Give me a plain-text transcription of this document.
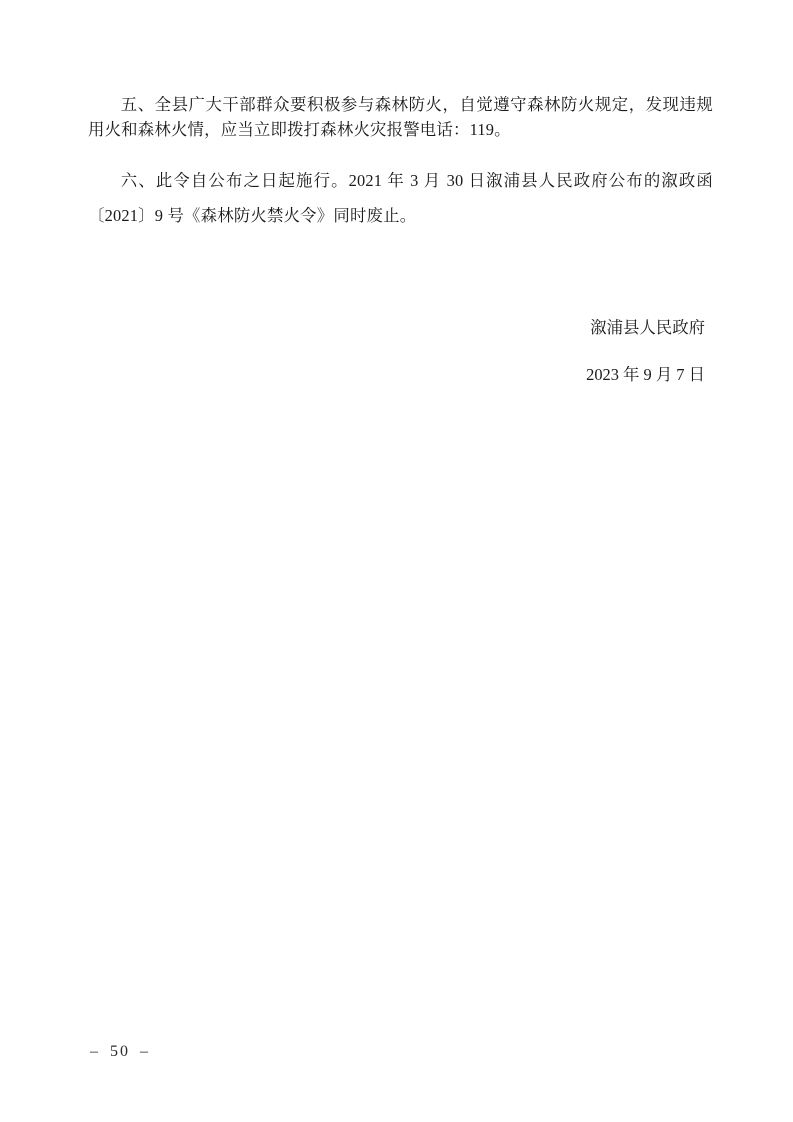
五、全县广大干部群众要积极参与森林防火，自觉遵守森林防火规定，发现违规用火和森林火情，应当立即拨打森林火灾报警电话：119。

六、此令自公布之日起施行。2021 年 3 月 30 日溆浦县人民政府公布的溆政函〔2021〕9 号《森林防火禁火令》同时废止。

溆浦县人民政府
2023 年 9 月 7 日
– 50 –
